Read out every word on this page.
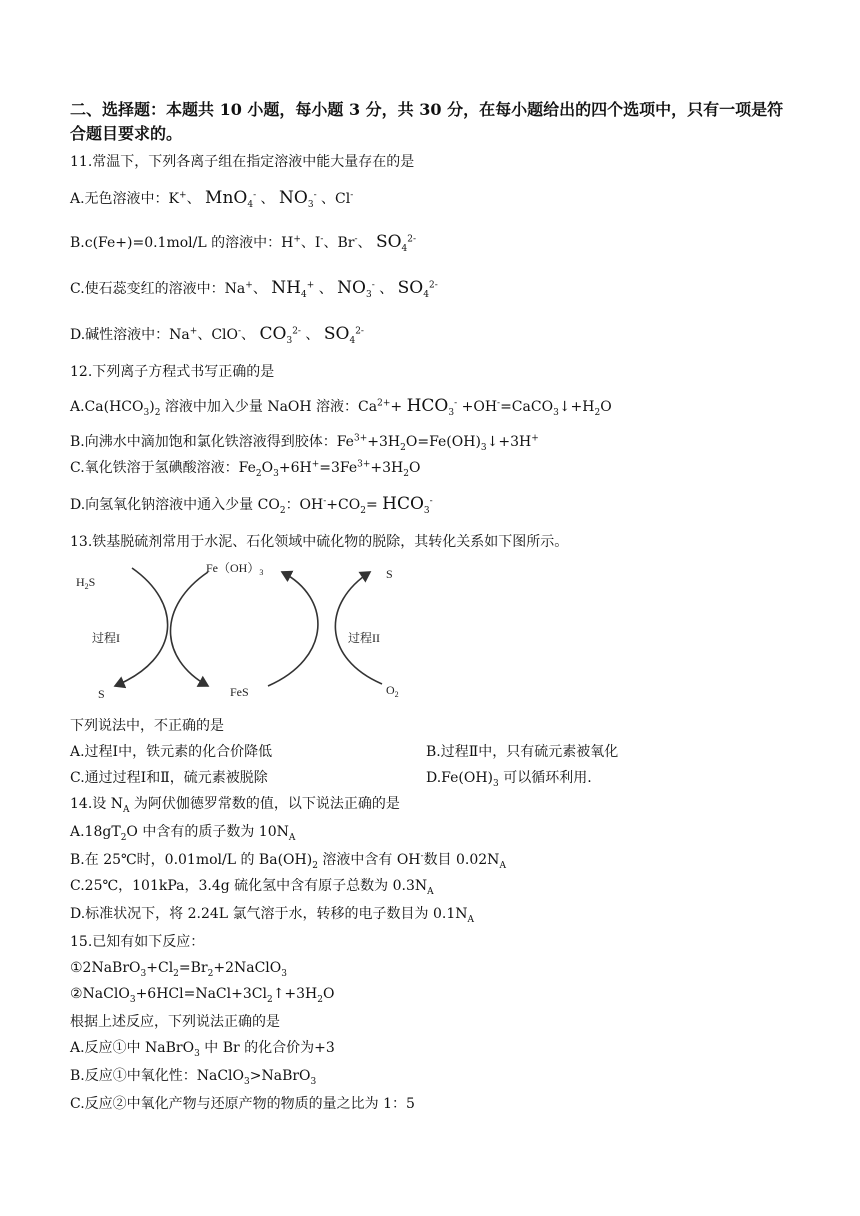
二、选择题：本题共 10 小题，每小题 3 分，共 30 分，在每小题给出的四个选项中，只有一项是符合题目要求的。
11.常温下，下列各离子组在指定溶液中能大量存在的是
A.无色溶液中：K+、 MnO$_4$- 、 $NO_3^-$ 、Cl-
B.c(Fe+)=0.1mol/L 的溶液中：H+、I-、Br-、 $SO_4^{2-}$
C.使石蕊变红的溶液中：Na+、 $NH_4^+$ 、 $NO_3^-$ 、 $SO_4^{2-}$
D.碱性溶液中：Na+、ClO-、 $CO_3^{2-}$ 、 $SO_4^{2-}$
12.下列离子方程式书写正确的是
$A.Ca(HCO_3)_2$ 溶液中加入少量 NaOH 溶液：$Ca^{2+}+ HCO_3^-$ $+OH^-=CaCO_3↓+H_2O$
B.向沸水中滴加饱和氯化铁溶液得到胶体：$Fe^{3+}+3H_2O=Fe(OH)_3↓+3H^+$
C.氧化铁溶于氢碘酸溶液：$Fe_2O_3+6H^+=3Fe^{3+}+3H_2O$
D.向氢氧化钠溶液中通入少量 $CO_2$：$OH^-+CO_2= HCO_3^-$
13.铁基脱硫剂常用于水泥、石化领域中硫化物的脱除，其转化关系如下图所示。
$Fe(OH)_3$
$H_2S$
过程I
S	FeS
S
过程II
$O_2$
下列说法中，不正确的是
A.过程Ⅰ中，铁元素的化合价降低	B.过程Ⅱ中，只有硫元素被氧化
C.通过过程Ⅰ和Ⅱ，硫元素被脱除	$D.Fe(OH)_3$ 可以循环利用.
14.设 $N_A$ 为阿伏伽德罗常数的值，以下说法正确的是
$A.18gT_2O$ 中含有的质子数为 $10N_A$
B.在 25℃时，0.01mol/L 的 $Ba(OH)_2$ 溶液中含有 OH-数目 $0.02N_A$
C.25℃，101kPa，3.4g 硫化氢中含有原子总数为 $0.3N_A$
D.标准状况下，将 2.24L 氯气溶于水，转移的电子数目为 $0.1N_A$
15.已知有如下反应：
$①2NaBrO_3+Cl_2=Br_2+2NaClO_3$
$②NaClO_3+6HCl=NaCl+3Cl_2↑+3H_2O$
根据上述反应，下列说法正确的是
A.反应①中 NaBrO$_3$ 中 Br 的化合价为+3
B.反应①中氧化性：NaClO$_3$>NaBrO$_3$
C.反应②中氧化产物与还原产物的物质的量之比为 1：5
